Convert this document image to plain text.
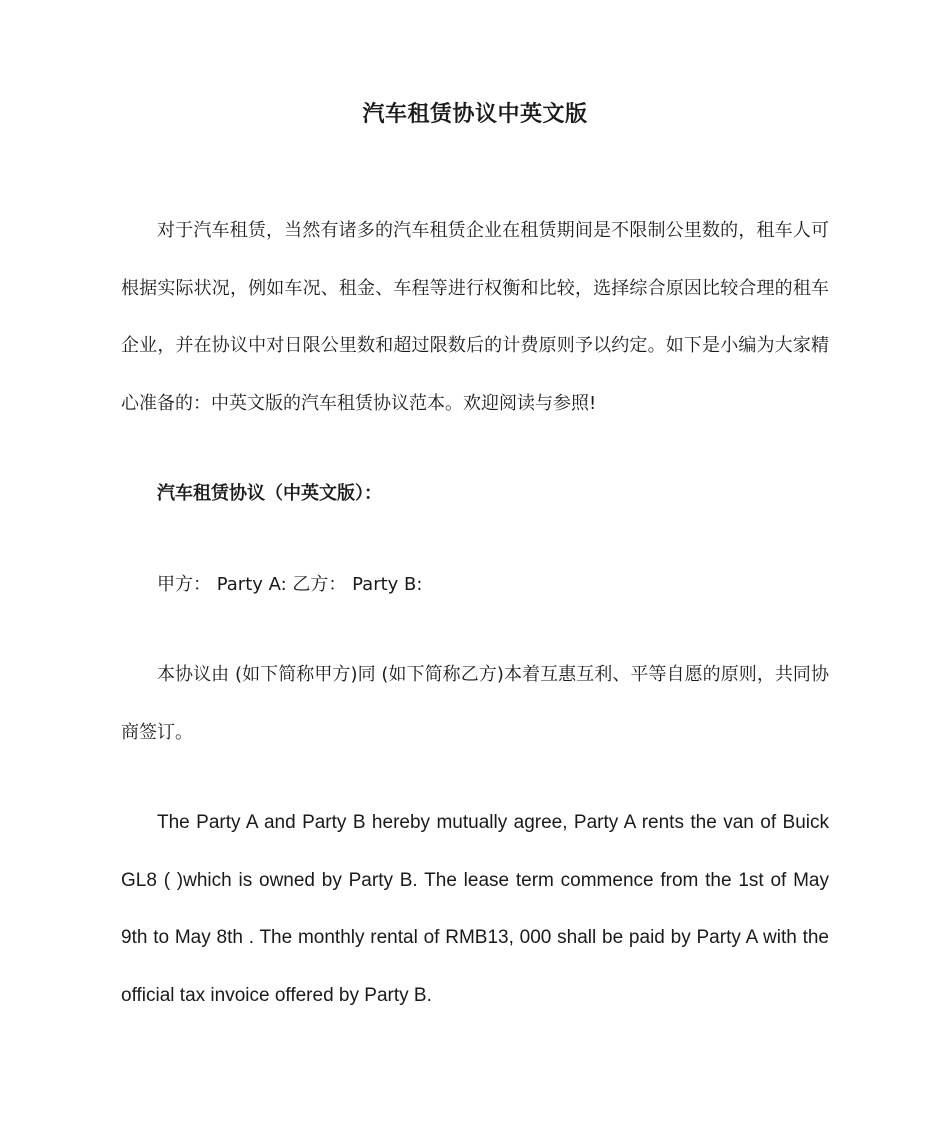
汽车租赁协议中英文版

对于汽车租赁，当然有诸多的汽车租赁企业在租赁期间是不限制公里数的，租车人可根据实际状况，例如车况、租金、车程等进行权衡和比较，选择综合原因比较合理的租车企业，并在协议中对日限公里数和超过限数后的计费原则予以约定。如下是小编为大家精心准备的：中英文版的汽车租赁协议范本。欢迎阅读与参照!

汽车租赁协议（中英文版）：

甲方： Party A: 乙方： Party B:

本协议由 (如下简称甲方)同 (如下简称乙方)本着互惠互利、平等自愿的原则，共同协商签订。

The Party A and Party B hereby mutually agree, Party A rents the van of Buick GL8 ( )which is owned by Party B. The lease term commence from the 1st of May 9th to May 8th . The monthly rental of RMB13, 000 shall be paid by Party A with the official tax invoice offered by Party B.
